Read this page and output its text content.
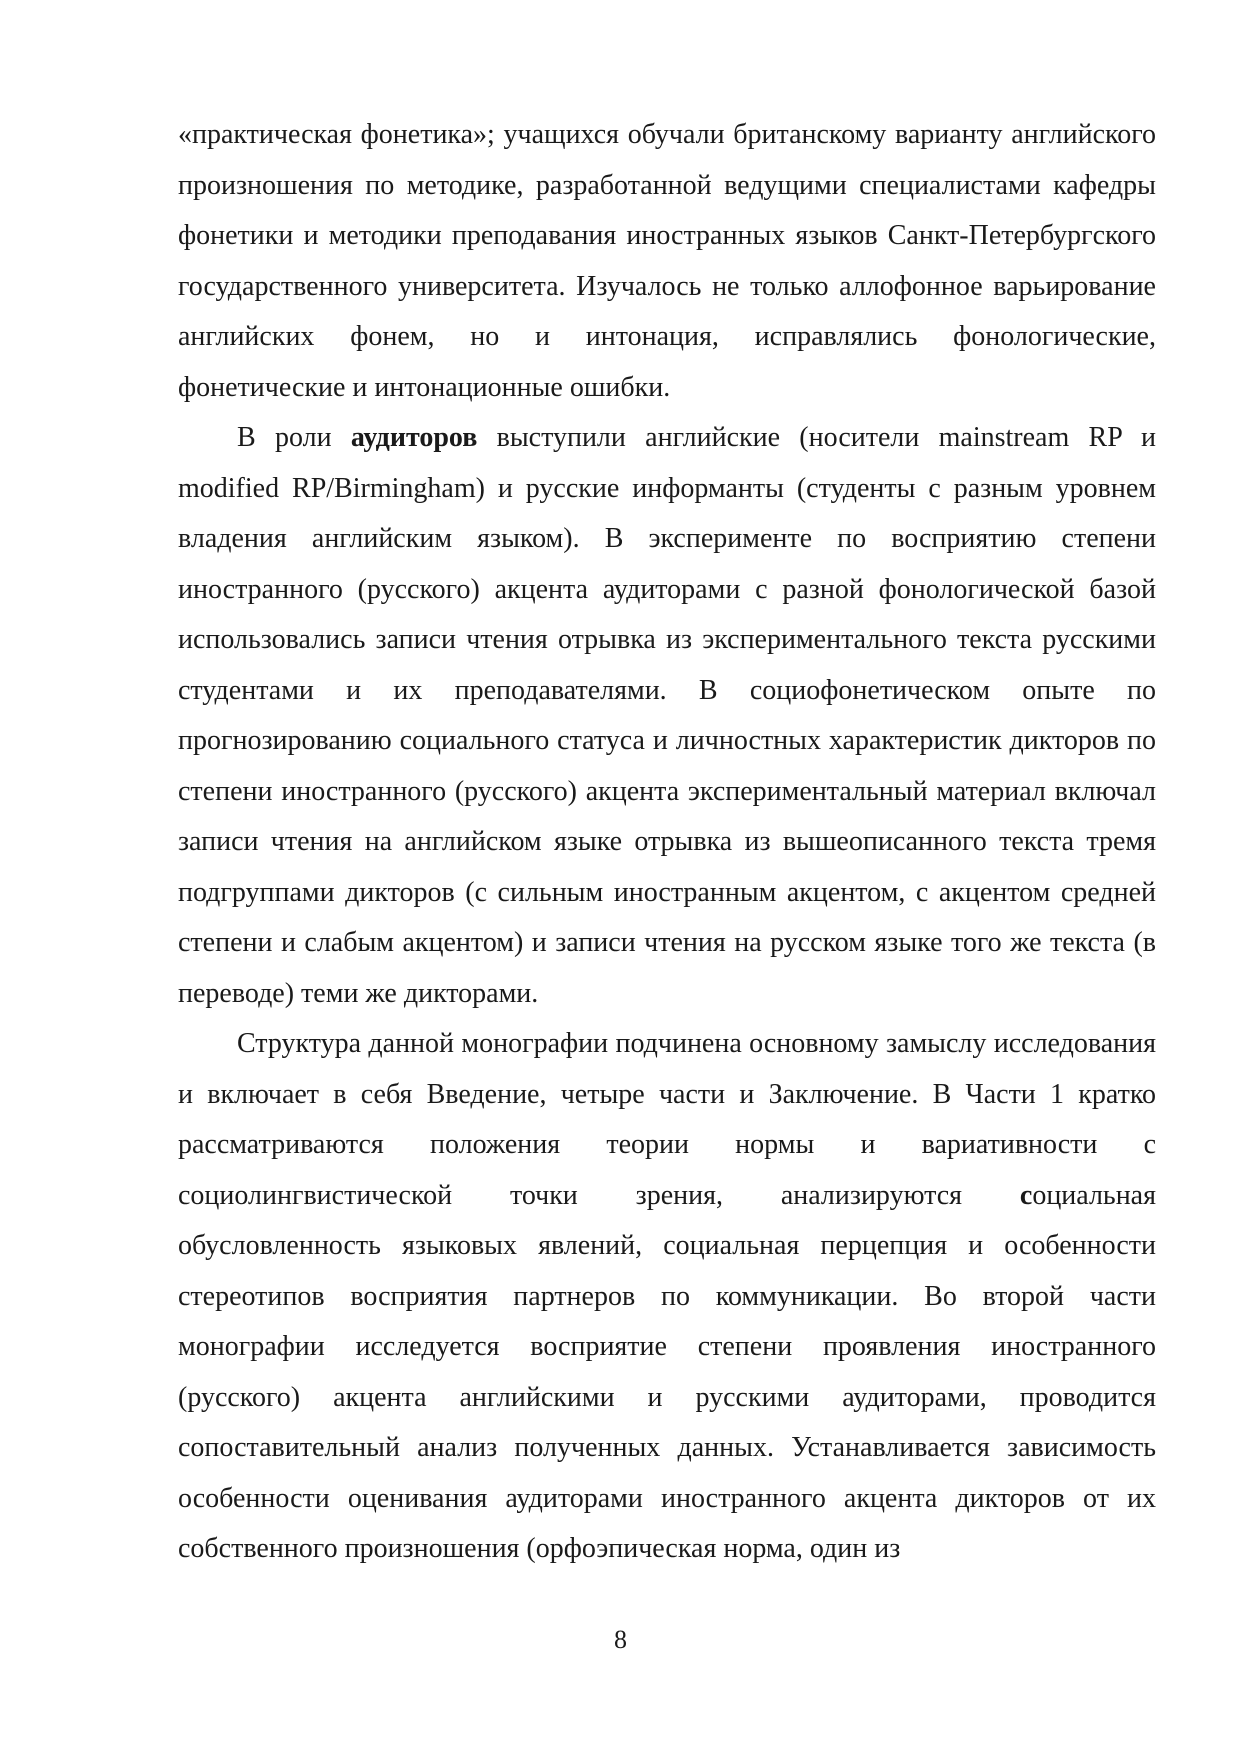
«практическая фонетика»; учащихся обучали британскому варианту английского произношения по методике, разработанной ведущими специалистами кафедры фонетики и методики преподавания иностранных языков Санкт-Петербургского государственного университета. Изучалось не только аллофонное варьирование английских фонем, но и интонация, исправлялись фонологические, фонетические и интонационные ошибки.

В роли аудиторов выступили английские (носители mainstream RP и modified RP/Birmingham) и русские информанты (студенты с разным уровнем владения английским языком). В эксперименте по восприятию степени иностранного (русского) акцента аудиторами с разной фонологической базой использовались записи чтения отрывка из экспериментального текста русскими студентами и их преподавателями. В социофонетическом опыте по прогнозированию социального статуса и личностных характеристик дикторов по степени иностранного (русского) акцента экспериментальный материал включал записи чтения на английском языке отрывка из вышеописанного текста тремя подгруппами дикторов (с сильным иностранным акцентом, с акцентом средней степени и слабым акцентом) и записи чтения на русском языке того же текста (в переводе) теми же дикторами.

Структура данной монографии подчинена основному замыслу исследования и включает в себя Введение, четыре части и Заключение. В Части 1 кратко рассматриваются положения теории нормы и вариативности с социолингвистической точки зрения, анализируются социальная обусловленность языковых явлений, социальная перцепция и особенности стереотипов восприятия партнеров по коммуникации. Во второй части монографии исследуется восприятие степени проявления иностранного (русского) акцента английскими и русскими аудиторами, проводится сопоставительный анализ полученных данных. Устанавливается зависимость особенности оценивания аудиторами иностранного акцента дикторов от их собственного произношения (орфоэпическая норма, один из

8
